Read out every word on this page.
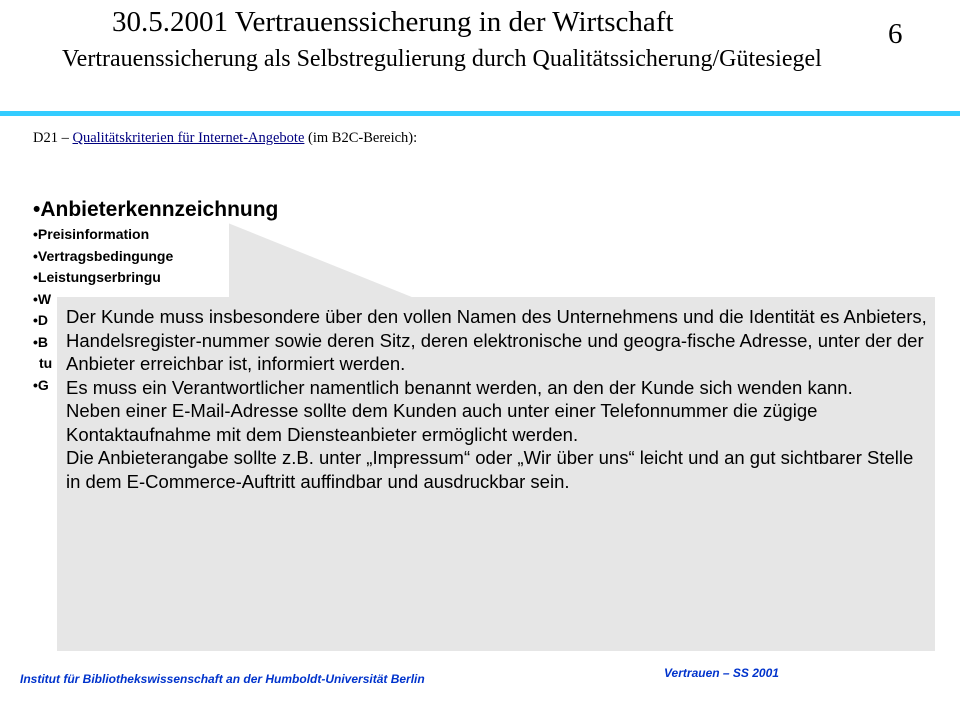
30.5.2001 Vertrauenssicherung in der Wirtschaft	6
Vertrauenssicherung als Selbstregulierung durch Qualitätssicherung/Gütesiegel
D21 – Qualitätskriterien für Internet-Angebote (im B2C-Bereich):
•Anbieterkennzeichnung
•Preisinformation
•Vertragsbedingunge
•Leistungserbringu
•W
•D
•B
tu
•G

Der Kunde muss insbesondere über den vollen Namen des Unternehmens und die Identität es Anbieters, Handelsregister-nummer sowie deren Sitz, deren elektronische und geogra-fische Adresse, unter der der Anbieter erreichbar ist, informiert werden.

Es muss ein Verantwortlicher namentlich benannt werden, an den der Kunde sich wenden kann.

Neben einer E-Mail-Adresse sollte dem Kunden auch unter einer Telefonnummer die zügige Kontaktaufnahme mit dem Diensteanbieter ermöglicht werden.

Die Anbieterangabe sollte z.B. unter „Impressum“ oder „Wir über uns“ leicht und an gut sichtbarer Stelle in dem E-Commerce-Auftritt auffindbar und ausdruckbar sein.

Institut für Bibliothekswissenschaft an der Humboldt-Universität Berlin	Vertrauen – SS 2001
